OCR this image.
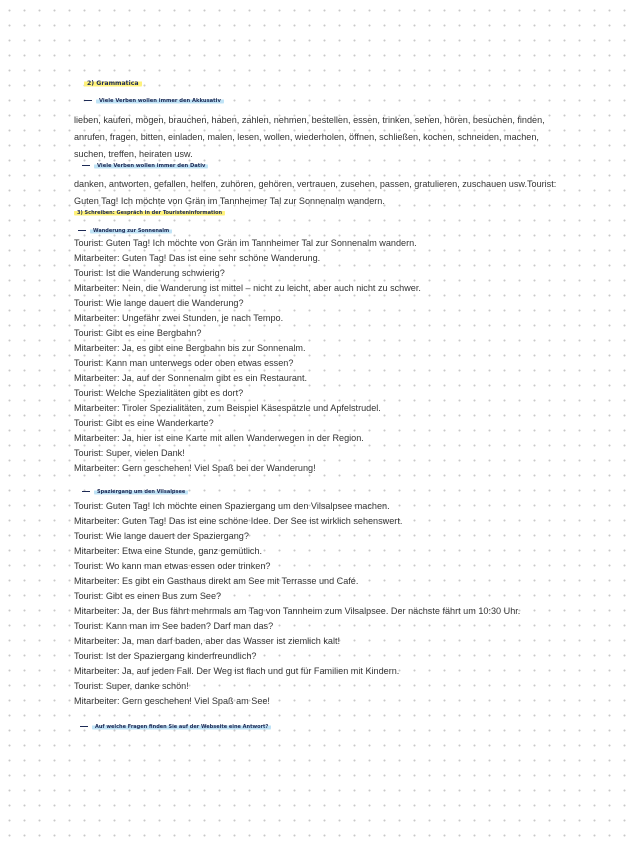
2) Grammatica
Viele Verben wollen immer den Akkusativ
lieben, kaufen, mögen, brauchen, haben, zahlen, nehmen, bestellen, essen, trinken, sehen, hören, besuchen, finden, anrufen, fragen, bitten, einladen, malen, lesen, wollen, wiederholen, öffnen, schließen, kochen, schneiden, machen, suchen, treffen, heiraten usw.
Viele Verben wollen immer den Dativ
danken, antworten, gefallen, helfen, zuhören, gehören, vertrauen, zusehen, passen, gratulieren, zuschauen usw.Tourist: Guten Tag! Ich möchte von Grän im Tannheimer Tal zur Sonnenalm wandern.
3) Schreiben: Gespräch in der Touristeninformation
Wanderung zur Sonnenalm
Tourist: Guten Tag! Ich möchte von Grän im Tannheimer Tal zur Sonnenalm wandern.
Mitarbeiter: Guten Tag! Das ist eine sehr schöne Wanderung.
Tourist: Ist die Wanderung schwierig?
Mitarbeiter: Nein, die Wanderung ist mittel – nicht zu leicht, aber auch nicht zu schwer.
Tourist: Wie lange dauert die Wanderung?
Mitarbeiter: Ungefähr zwei Stunden, je nach Tempo.
Tourist: Gibt es eine Bergbahn?
Mitarbeiter: Ja, es gibt eine Bergbahn bis zur Sonnenalm.
Tourist: Kann man unterwegs oder oben etwas essen?
Mitarbeiter: Ja, auf der Sonnenalm gibt es ein Restaurant.
Tourist: Welche Spezialitäten gibt es dort?
Mitarbeiter: Tiroler Spezialitäten, zum Beispiel Käsespätzle und Apfelstrudel.
Tourist: Gibt es eine Wanderkarte?
Mitarbeiter: Ja, hier ist eine Karte mit allen Wanderwegen in der Region.
Tourist: Super, vielen Dank!
Mitarbeiter: Gern geschehen! Viel Spaß bei der Wanderung!
Spaziergang um den Vilsalpsee
Tourist: Guten Tag! Ich möchte einen Spaziergang um den Vilsalpsee machen.
Mitarbeiter: Guten Tag! Das ist eine schöne Idee. Der See ist wirklich sehenswert.
Tourist: Wie lange dauert der Spaziergang?
Mitarbeiter: Etwa eine Stunde, ganz gemütlich.
Tourist: Wo kann man etwas essen oder trinken?
Mitarbeiter: Es gibt ein Gasthaus direkt am See mit Terrasse und Café.
Tourist: Gibt es einen Bus zum See?
Mitarbeiter: Ja, der Bus fährt mehrmals am Tag von Tannheim zum Vilsalpsee. Der nächste fährt um 10:30 Uhr.
Tourist: Kann man im See baden? Darf man das?
Mitarbeiter: Ja, man darf baden, aber das Wasser ist ziemlich kalt!
Tourist: Ist der Spaziergang kinderfreundlich?
Mitarbeiter: Ja, auf jeden Fall. Der Weg ist flach und gut für Familien mit Kindern.
Tourist: Super, danke schön!
Mitarbeiter: Gern geschehen! Viel Spaß am See!
Auf welche Fragen finden Sie auf der Webseite eine Antwort?
